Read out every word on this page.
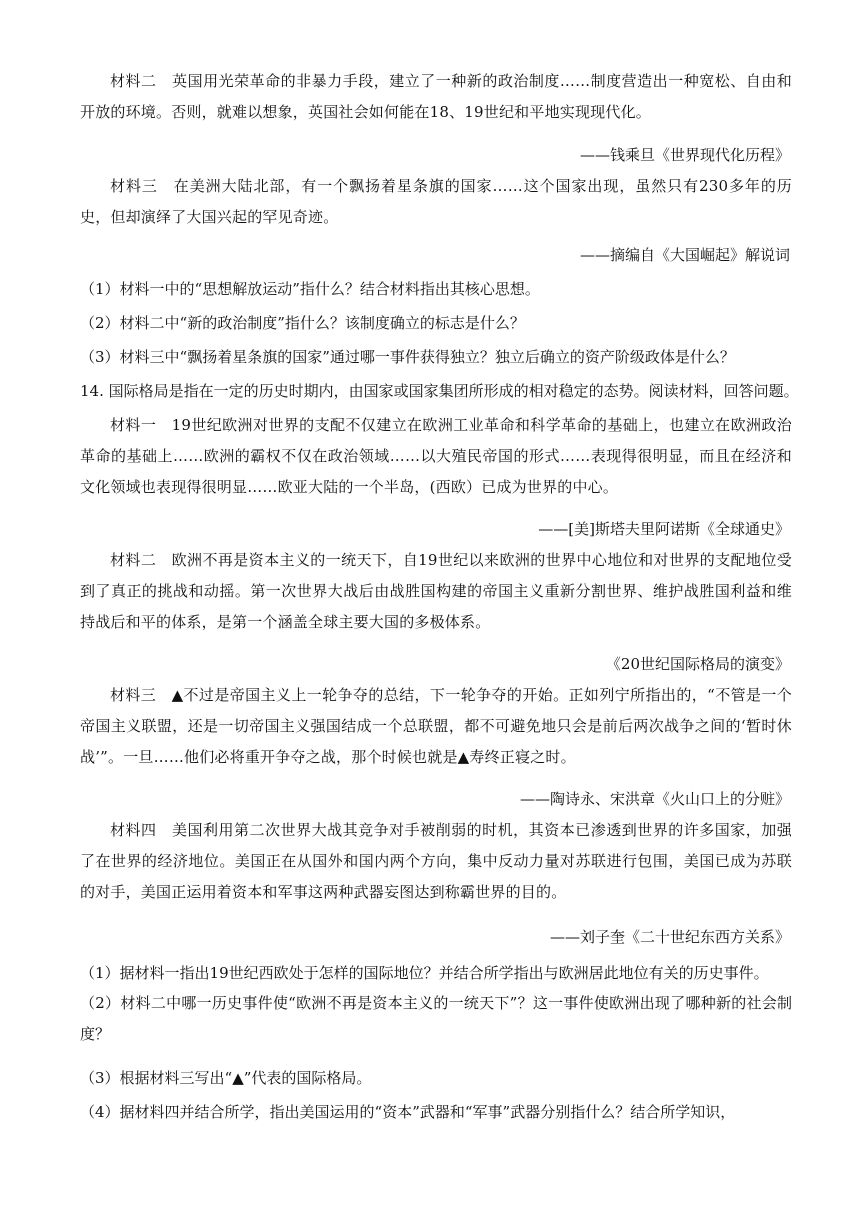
材料二　英国用光荣革命的非暴力手段，建立了一种新的政治制度……制度营造出一种宽松、自由和开放的环境。否则，就难以想象，英国社会如何能在18、19世纪和平地实现现代化。

——钱乘旦《世界现代化历程》

材料三　在美洲大陆北部，有一个飘扬着星条旗的国家……这个国家出现，虽然只有230多年的历史，但却演绎了大国兴起的罕见奇迹。

——摘编自《大国崛起》解说词

（1）材料一中的“思想解放运动”指什么？结合材料指出其核心思想。

（2）材料二中“新的政治制度”指什么？该制度确立的标志是什么？

（3）材料三中“飘扬着星条旗的国家”通过哪一事件获得独立？独立后确立的资产阶级政体是什么？

14. 国际格局是指在一定的历史时期内，由国家或国家集团所形成的相对稳定的态势。阅读材料，回答问题。

材料一　19世纪欧洲对世界的支配不仅建立在欧洲工业革命和科学革命的基础上，也建立在欧洲政治革命的基础上……欧洲的霸权不仅在政治领域……以大殖民帝国的形式……表现得很明显，而且在经济和文化领域也表现得很明显……欧亚大陆的一个半岛，(西欧）已成为世界的中心。

——[美]斯塔夫里阿诺斯《全球通史》

材料二　欧洲不再是资本主义的一统天下，自19世纪以来欧洲的世界中心地位和对世界的支配地位受到了真正的挑战和动摇。第一次世界大战后由战胜国构建的帝国主义重新分割世界、维护战胜国利益和维持战后和平的体系，是第一个涵盖全球主要大国的多极体系。

《20世纪国际格局的演变》

材料三　▲不过是帝国主义上一轮争夺的总结，下一轮争夺的开始。正如列宁所指出的，“不管是一个帝国主义联盟，还是一切帝国主义强国结成一个总联盟，都不可避免地只会是前后两次战争之间的‘暂时休战’”。一旦……他们必将重开争夺之战，那个时候也就是▲寿终正寝之时。

——陶诗永、宋洪章《火山口上的分赃》

材料四　美国利用第二次世界大战其竞争对手被削弱的时机，其资本已渗透到世界的许多国家，加强了在世界的经济地位。美国正在从国外和国内两个方向，集中反动力量对苏联进行包围，美国已成为苏联的对手，美国正运用着资本和军事这两种武器妄图达到称霸世界的目的。

——刘子奎《二十世纪东西方关系》

（1）据材料一指出19世纪西欧处于怎样的国际地位？并结合所学指出与欧洲居此地位有关的历史事件。

（2）材料二中哪一历史事件使“欧洲不再是资本主义的一统天下”？这一事件使欧洲出现了哪种新的社会制度？

（3）根据材料三写出“▲”代表的国际格局。

（4）据材料四并结合所学，指出美国运用的“资本”武器和“军事”武器分别指什么？结合所学知识，
